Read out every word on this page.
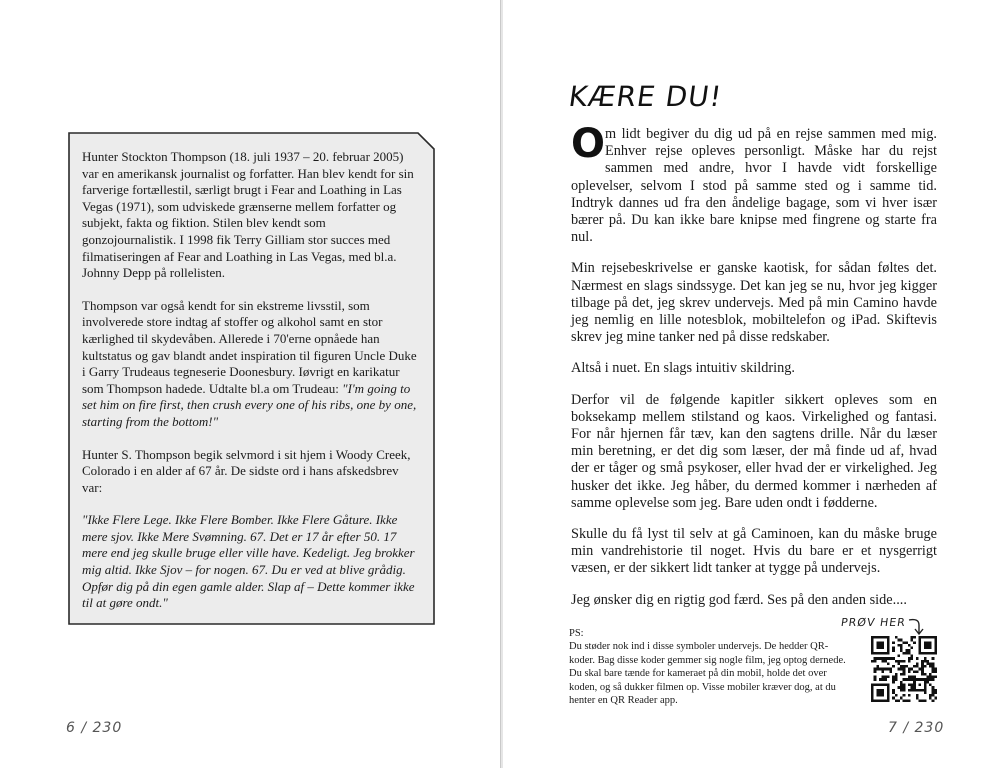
Hunter Stockton Thompson (18. juli 1937 – 20. februar 2005) var en amerikansk journalist og forfatter. Han blev kendt for sin farverige fortællestil, særligt brugt i Fear and Loathing in Las Vegas (1971), som udviskede grænserne mellem forfatter og subjekt, fakta og fiktion. Stilen blev kendt som gonzojournalistik. I 1998 fik Terry Gilliam stor succes med filmatiseringen af Fear and Loathing in Las Vegas, med bl.a. Johnny Depp på rollelisten.

Thompson var også kendt for sin ekstreme livsstil, som involverede store indtag af stoffer og alkohol samt en stor kærlighed til skydevåben. Allerede i 70'erne opnåede han kultstatus og gav blandt andet inspiration til figuren Uncle Duke i Garry Trudeaus tegneserie Doonesbury. Iøvrigt en karikatur som Thompson hadede. Udtalte bl.a om Trudeau: "I'm going to set him on fire first, then crush every one of his ribs, one by one, starting from the bottom!"

Hunter S. Thompson begik selvmord i sit hjem i Woody Creek, Colorado i en alder af 67 år. De sidste ord i hans afskedsbrev var:

"Ikke Flere Lege. Ikke Flere Bomber. Ikke Flere Gåture. Ikke mere sjov. Ikke Mere Svømning. 67. Det er 17 år efter 50. 17 mere end jeg skulle bruge eller ville have. Kedeligt. Jeg brokker mig altid. Ikke Sjov – for nogen. 67. Du er ved at blive grådig. Opfør dig på din egen gamle alder. Slap af – Dette kommer ikke til at gøre ondt."

6 / 230
KÆRE DU!

Om lidt begiver du dig ud på en rejse sammen med mig. Enhver rejse opleves personligt. Måske har du rejst sammen med andre, hvor I havde vidt forskellige oplevelser, selvom I stod på samme sted og i samme tid. Indtryk dannes ud fra den åndelige bagage, som vi hver især bærer på. Du kan ikke bare knipse med fingrene og starte fra nul.

Min rejsebeskrivelse er ganske kaotisk, for sådan føltes det. Nærmest en slags sindssyge. Det kan jeg se nu, hvor jeg kigger tilbage på det, jeg skrev undervejs. Med på min Camino havde jeg nemlig en lille notesblok, mobiltelefon og iPad. Skiftevis skrev jeg mine tanker ned på disse redskaber.

Altså i nuet. En slags intuitiv skildring.

Derfor vil de følgende kapitler sikkert opleves som en boksekamp mellem stilstand og kaos. Virkelighed og fantasi. For når hjernen får tæv, kan den sagtens drille. Når du læser min beretning, er det dig som læser, der må finde ud af, hvad der er tåger og små psykoser, eller hvad der er virkelighed. Jeg husker det ikke. Jeg håber, du dermed kommer i nærheden af samme oplevelse som jeg. Bare uden ondt i fødderne.

Skulle du få lyst til selv at gå Caminoen, kan du måske bruge min vandrehistorie til noget. Hvis du bare er et nysgerrigt væsen, er der sikkert lidt tanker at tygge på undervejs.

Jeg ønsker dig en rigtig god færd. Ses på den anden side....

PS:
Du støder nok ind i disse symboler undervejs. De hedder QR-koder. Bag disse koder gemmer sig nogle film, jeg optog dernede. Du skal bare tænde for kameraet på din mobil, holde det over koden, og så dukker filmen op. Visse mobiler kræver dog, at du henter en QR Reader app.
PRØV HER
7 / 230
